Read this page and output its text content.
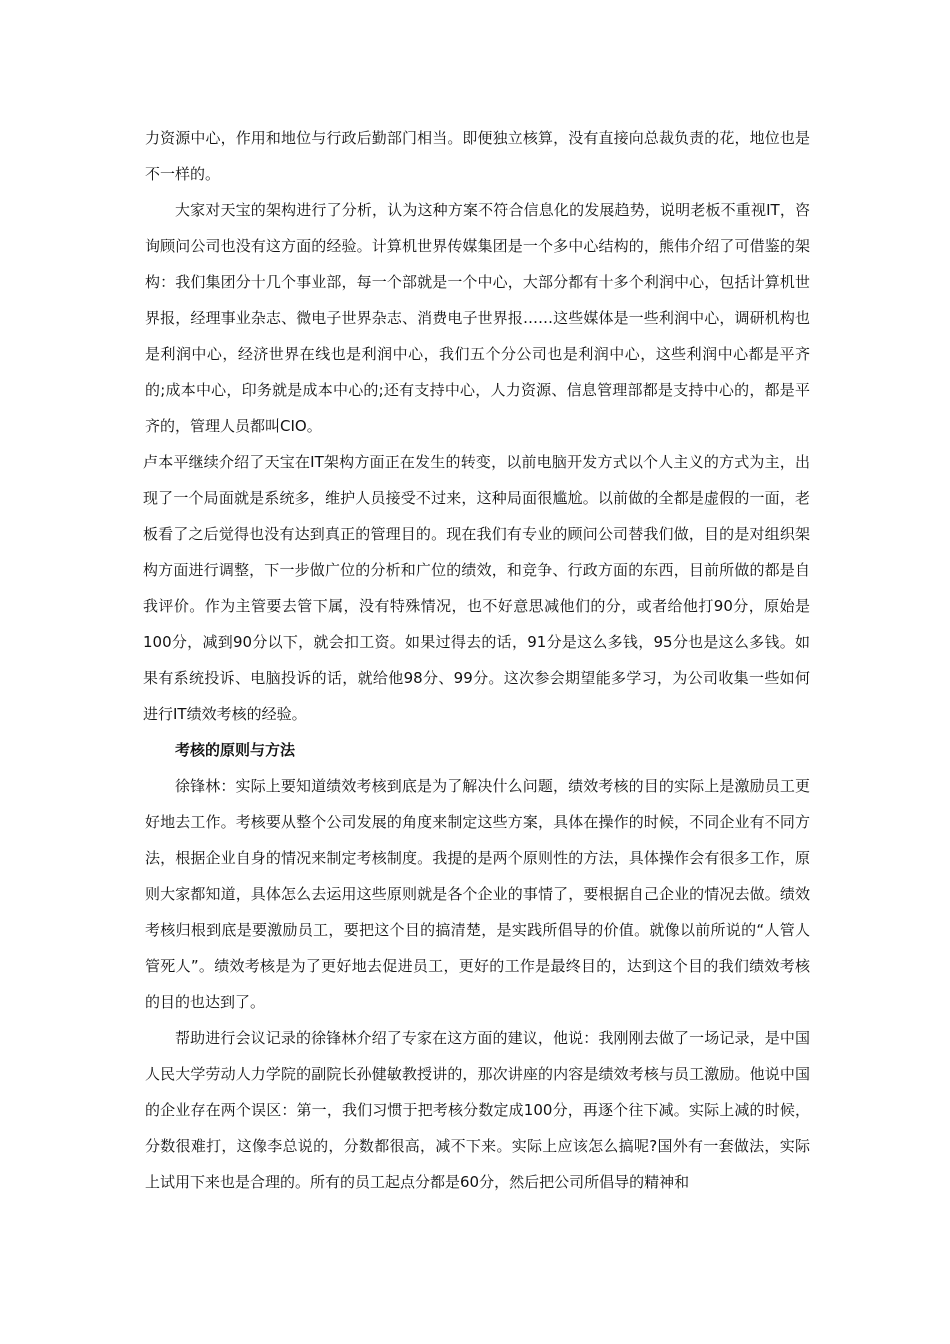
力资源中心，作用和地位与行政后勤部门相当。即便独立核算，没有直接向总裁负责的花，地位也是不一样的。

大家对天宝的架构进行了分析，认为这种方案不符合信息化的发展趋势，说明老板不重视IT，咨询顾问公司也没有这方面的经验。计算机世界传媒集团是一个多中心结构的，熊伟介绍了可借鉴的架构：我们集团分十几个事业部，每一个部就是一个中心，大部分都有十多个利润中心，包括计算机世界报，经理事业杂志、微电子世界杂志、消费电子世界报……这些媒体是一些利润中心，调研机构也是利润中心，经济世界在线也是利润中心，我们五个分公司也是利润中心，这些利润中心都是平齐的;成本中心，印务就是成本中心的;还有支持中心，人力资源、信息管理部都是支持中心的，都是平齐的，管理人员都叫CIO。

卢本平继续介绍了天宝在IT架构方面正在发生的转变，以前电脑开发方式以个人主义的方式为主，出现了一个局面就是系统多，维护人员接受不过来，这种局面很尴尬。以前做的全都是虚假的一面，老板看了之后觉得也没有达到真正的管理目的。现在我们有专业的顾问公司替我们做，目的是对组织架构方面进行调整，下一步做广位的分析和广位的绩效，和竞争、行政方面的东西，目前所做的都是自我评价。作为主管要去管下属，没有特殊情况，也不好意思减他们的分，或者给他打90分，原始是100分，减到90分以下，就会扣工资。如果过得去的话，91分是这么多钱，95分也是这么多钱。如果有系统投诉、电脑投诉的话，就给他98分、99分。这次参会期望能多学习，为公司收集一些如何进行IT绩效考核的经验。

考核的原则与方法

徐锋林：实际上要知道绩效考核到底是为了解决什么问题，绩效考核的目的实际上是激励员工更好地去工作。考核要从整个公司发展的角度来制定这些方案，具体在操作的时候，不同企业有不同方法，根据企业自身的情况来制定考核制度。我提的是两个原则性的方法，具体操作会有很多工作，原则大家都知道，具体怎么去运用这些原则就是各个企业的事情了，要根据自己企业的情况去做。绩效考核归根到底是要激励员工，要把这个目的搞清楚，是实践所倡导的价值。就像以前所说的“人管人管死人”。绩效考核是为了更好地去促进员工，更好的工作是最终目的，达到这个目的我们绩效考核的目的也达到了。

帮助进行会议记录的徐锋林介绍了专家在这方面的建议，他说：我刚刚去做了一场记录，是中国人民大学劳动人力学院的副院长孙健敏教授讲的，那次讲座的内容是绩效考核与员工激励。他说中国的企业存在两个误区：第一，我们习惯于把考核分数定成100分，再逐个往下减。实际上减的时候，分数很难打，这像李总说的，分数都很高，减不下来。实际上应该怎么搞呢?国外有一套做法，实际上试用下来也是合理的。所有的员工起点分都是60分，然后把公司所倡导的精神和
